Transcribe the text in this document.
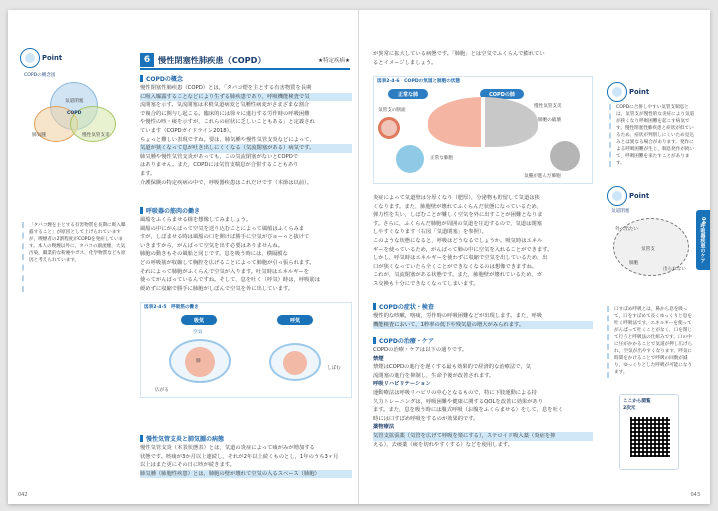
Point
COPDの概念図
気道閉塞
COPD
肺気腫	慢性気管支炎
「タバコ煙を主とする有害物質を長期に吸入曝露すること」が原因として上げられていますが，喫煙者の2割程度がCOPDを発症しています。本人の喫煙以外に，タバコの副流煙，大気汚染，職業的な粉塵やガス，化学物質なども原因と考えられています。
6 慢性閉塞性肺疾患（COPD）	★特定疾病★
COPDの概念
慢性閉塞性肺疾患（COPD）とは，「タバコ煙を主とする有害物質を長期
に吸入曝露することなどにより生ずる肺疾患であり，呼吸機能検査で気
流閉塞を示す。気流閉塞は末梢気道病変と気腫性病変がさまざまな割合
で複合的に関与し起こる。臨床的には徐々に進行する労作時の呼吸困難
や慢性の咳・痰を示すが，これらの症状に乏しいこともある」と定義され
ています（COPDガイドライン2018）。
ちょっと難しい表現ですね。要は，肺気腫や慢性気管支炎などによって，
気道が狭くなって息が吐き出しにくくなる（気流閉塞がある）病気です。
肺気腫や慢性気管支炎があっても，この気流閉塞がないとCOPDで
はありません。また，COPDには気管支喘息が合併することもあり
ます。
介護保険の特定疾病の中で，呼吸器疾患はこれだけです（本節は以前）。
呼吸器の筋肉の働き
風船をふくらませる様を想像してみましょう。
風船の中にがんばって空気を送り込むことによって風船はふくらみま
すが，しぼませる時は風船の口を開けば勝手に空気がぴゅーっと抜けて
いきますから，がんばって空気を出す必要はありませんね。
肺胞の動きもその風船と同じです。息を吸う時には，横隔膜な
どの呼吸筋が収縮して胸腔を広げることによって肺胞が引っ張られます。
それによって肺胞がふくらんで空気が入ります。吐気時はエネルギーを
使ってがんばっているんですね。そして，息を吐く（呼気）時は，呼吸筋は
緩めずに収縮で勝手に肺胞がしぼんで空気を外に出しています。
図表2-4-5　呼吸筋の働き
吸気	呼気
空気
肺
広がる
しぼむ
慢性気管支炎と肺気腫の病態
慢性気管支炎（本表状態表）とは，気道の炎症によって痰がみが増加する
状態です。咳痰が3か月以上連続し，それが2年以上続くものとし，1年のうち3ヶ月
以上はまた更にその日に咳が続きます。
肺気腫（肺胞性疾患）とは，肺胞の壁が壊れて空気の入るスペース（肺胞）
042
が異常に拡大している病態です。「肺胞」とは空気でふくらんで膨れてい
るとイメージしましょう。
図表2-4-6　COPDの気道と肺胞の状態
正常な肺	COPDの肺
気管支の断面
正常な肺胞
慢性気管支炎
肺胞の破壊
気腫が進んだ肺胞
炎症によって気道壁は分厚くなり（肥厚），分泌物も貯留して気道は狭
くなります。また，肺胞壁が壊れてふくらんだ状態になっているため，
弾力性を失い，しぼむことが難しく空気を外に出すことが困難となりま
す。さらに，ふくらんだ肺胞が周囲の気道を圧迫するので，気道は閉塞
しやすくなります（右図「気道閉塞」を参照）。
このような状態になると，呼吸はどうなるでしょうか。吸気時はエネル
ギーを使っているため，がんばって肺の中に空気を入れることができます。
しかし，呼気時はエネルギーを使わずに収縮で空気を出しているため，出
口が狭くなっていたら全くことができなくなるのは想像できますね。
これが，気流閉塞がある状態です。また，肺胞壁が壊れているため，ガ
ス交換も十分にできなくなってしまいます。
COPDの症状・検査
慢性的な咳嗽，喀痰，労作時の呼吸困難などが出現します。また，呼吸
機能検査において，1秒率の低下や残気量の増大がみられます。
COPDの治療・ケア
COPDの治療・ケアは以下の通りです。
禁煙
禁煙はCOPDの進行を遅くする最も効果的で経済的な治療法で，気
流閉塞の進行を抑制し，生命予後が改善されます。
呼吸リハビリテーション
運動療法は呼吸リハビリの中心となるもので，特に下肢運動による持
久力トレーニングは，呼吸困難や健康に関するQOLを改善に効果があり
ます。また，息を吸う時には腹式呼吸（お腹をふくらませる）をして，息を吐く
時には口すぼめ呼吸をするのが効果的です。
薬物療法
気管支拡張薬（気管を広げて呼吸を楽にする），ステロイド吸入薬（炎症を抑
える），去痰薬（痰を切れやすくする）などを使用します。
Point
COPDに合併しやすい気管支喘息とは，気管支が慢性的な炎症により気道が狭くなり呼吸困難を起こす病気です。慢性閉塞性肺疾患と症状が似ているため，症状が判別しにくいため見込みとは異なる場合があります。発作による呼吸困難が生じ，喘息発作が続いて，呼吸困難を来たすことがあります。
Point
気道閉塞
外へ出たい
気管支
肺胞
出られない
04
呼吸器疾患のケア
口すぼめ呼吸とは，鼻から息を吸って，口をすぼめて長くゆっくりと息を吐く呼吸法です。エネルギーを使ってがんばって吐くことがなく，口を閉じて行うと呼吸法の仕組みです。口の中に圧がかかることで気道が押し広げられ，空気が出やすくなります。呼気に時間をかけることで呼吸の回数が減り，ゆっくりとした呼吸が可能になります。
ここから閲覧
2次元
043
